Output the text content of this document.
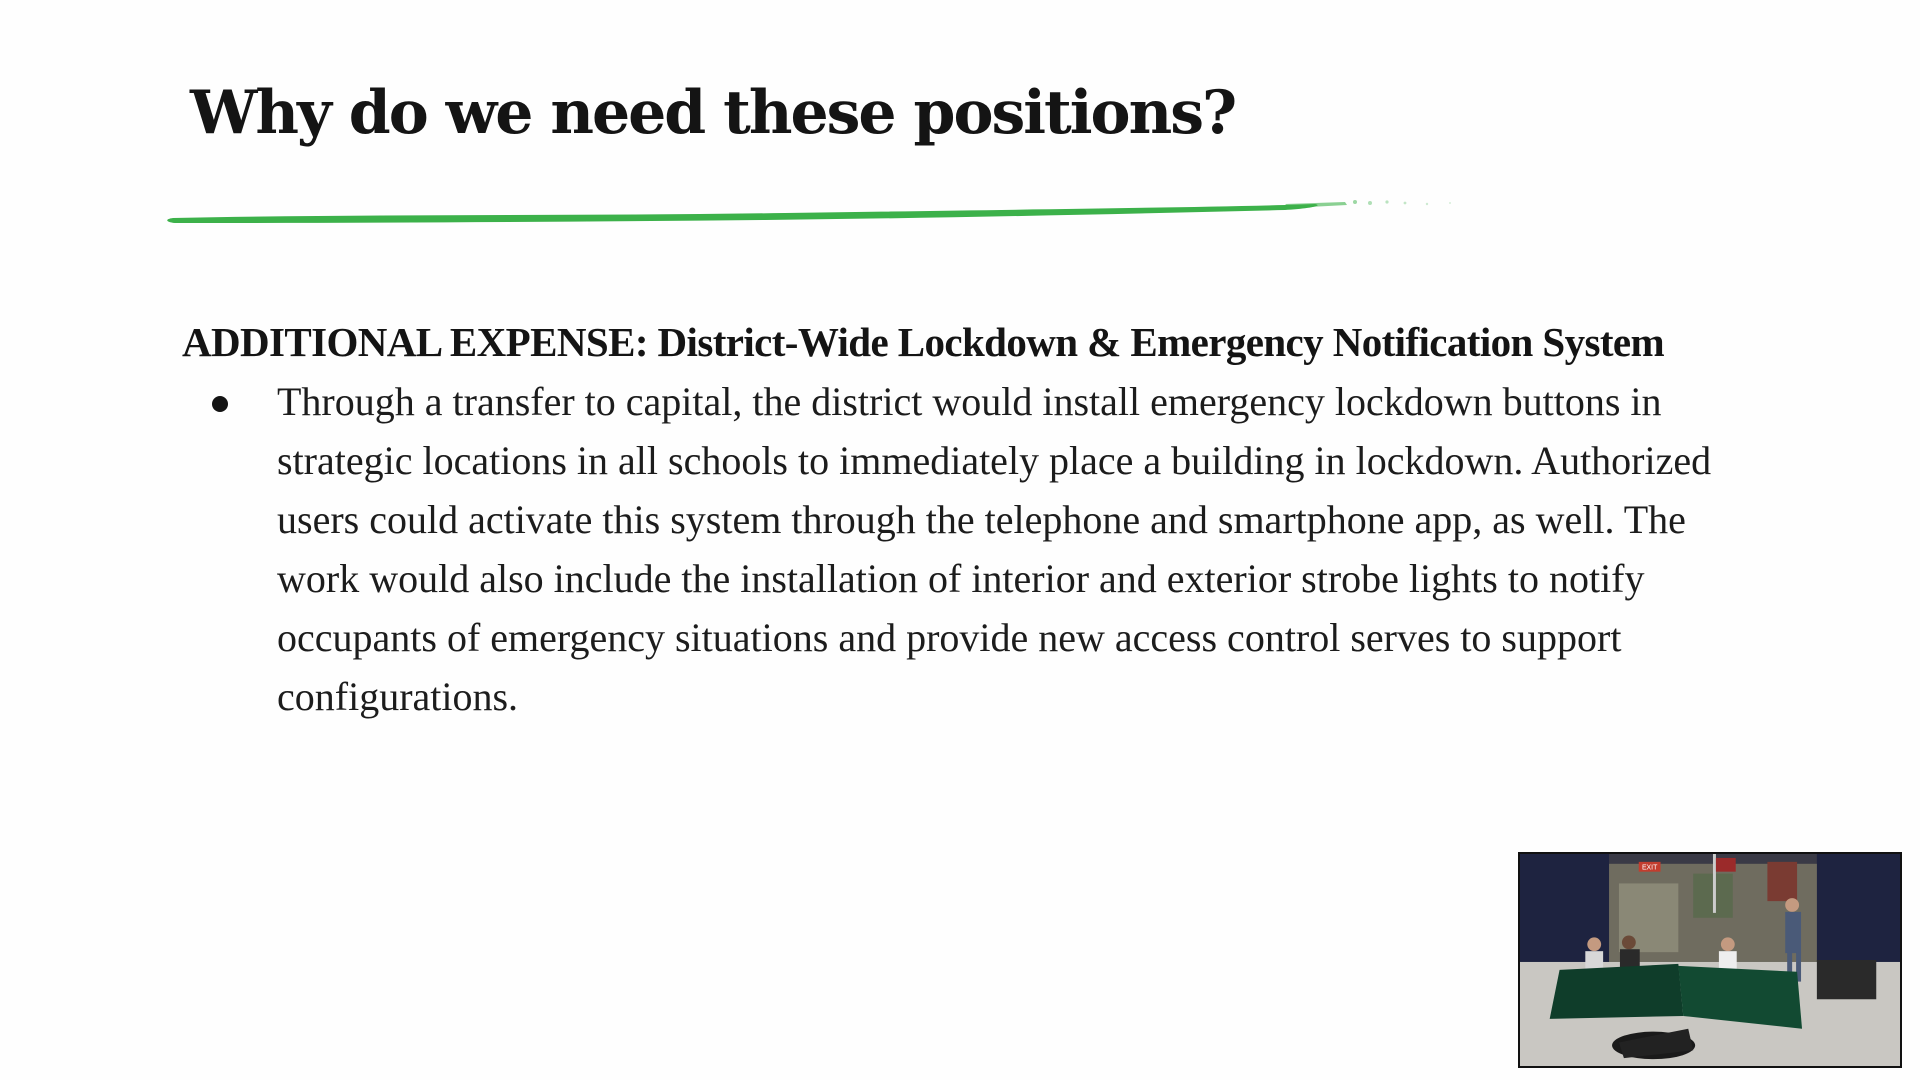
Why do we need these positions?
ADDITIONAL EXPENSE: District-Wide Lockdown & Emergency Notification System
Through a transfer to capital, the district would install emergency lockdown buttons in strategic locations in all schools to immediately place a building in lockdown. Authorized users could activate this system through the telephone and smartphone app, as well. The work would also include the installation of interior and exterior strobe lights to notify occupants of emergency situations and provide new access control serves to support configurations.
EXIT
